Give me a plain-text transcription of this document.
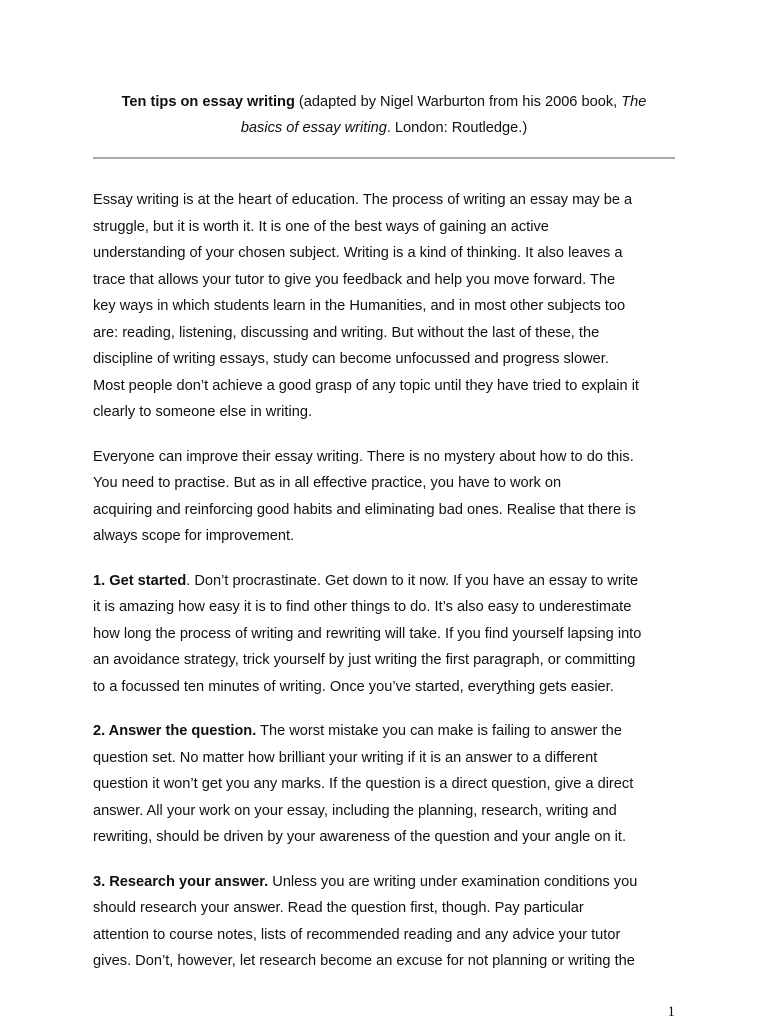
Ten tips on essay writing (adapted by Nigel Warburton from his 2006 book, The
basics of essay writing. London: Routledge.)
Essay writing is at the heart of education. The process of writing an essay may be a
struggle, but it is worth it. It is one of the best ways of gaining an active
understanding of your chosen subject. Writing is a kind of thinking. It also leaves a
trace that allows your tutor to give you feedback and help you move forward. The
key ways in which students learn in the Humanities, and in most other subjects too
are: reading, listening, discussing and writing. But without the last of these, the
discipline of writing essays, study can become unfocussed and progress slower.
Most people don’t achieve a good grasp of any topic until they have tried to explain it
clearly to someone else in writing.
Everyone can improve their essay writing. There is no mystery about how to do this.
You need to practise. But as in all effective practice, you have to work on
acquiring and reinforcing good habits and eliminating bad ones. Realise that there is
always scope for improvement.
1. Get started. Don’t procrastinate. Get down to it now. If you have an essay to write
it is amazing how easy it is to find other things to do. It’s also easy to underestimate
how long the process of writing and rewriting will take. If you find yourself lapsing into
an avoidance strategy, trick yourself by just writing the first paragraph, or committing
to a focussed ten minutes of writing. Once you’ve started, everything gets easier.
2. Answer the question. The worst mistake you can make is failing to answer the
question set. No matter how brilliant your writing if it is an answer to a different
question it won’t get you any marks. If the question is a direct question, give a direct
answer. All your work on your essay, including the planning, research, writing and
rewriting, should be driven by your awareness of the question and your angle on it.
3. Research your answer. Unless you are writing under examination conditions you
should research your answer. Read the question first, though. Pay particular
attention to course notes, lists of recommended reading and any advice your tutor
gives. Don’t, however, let research become an excuse for not planning or writing the
1
